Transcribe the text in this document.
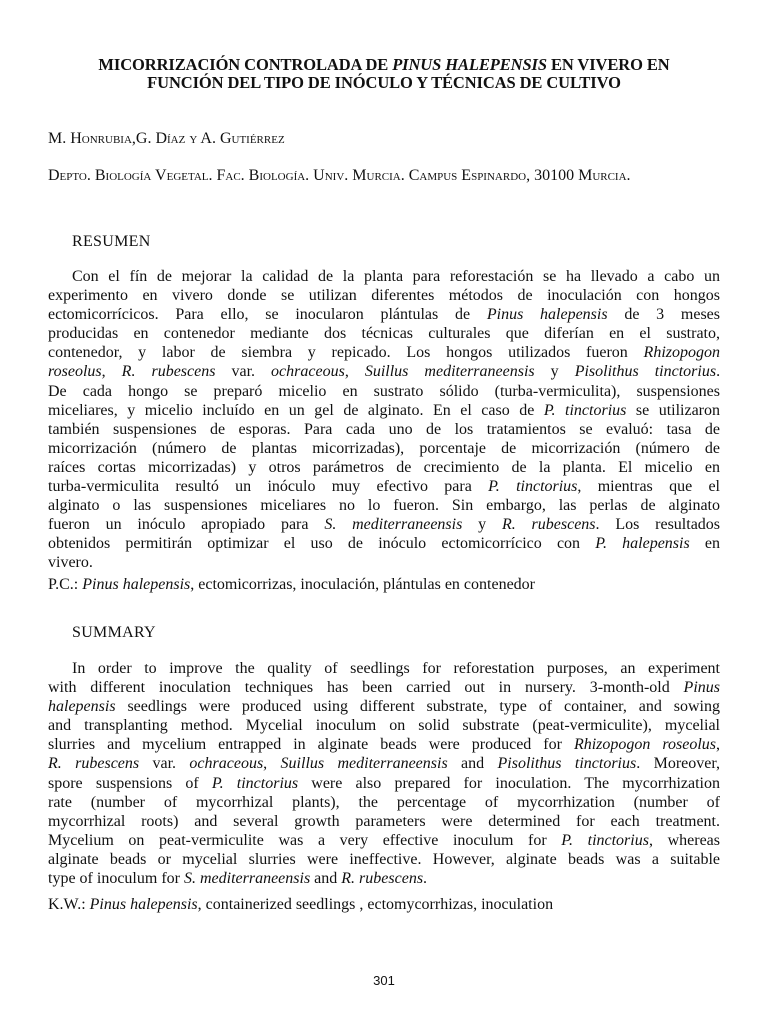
MICORRIZACIÓN CONTROLADA DE PINUS HALEPENSIS EN VIVERO EN
FUNCIÓN DEL TIPO DE INÓCULO Y TÉCNICAS DE CULTIVO
M. Honrubia,G. Díaz y A. Gutiérrez
Depto. Biología Vegetal. Fac. Biología. Univ. Murcia. Campus Espinardo, 30100 Murcia.
RESUMEN
Con el fín de mejorar la calidad de la planta para reforestación se ha llevado a cabo un
experimento en vivero donde se utilizan diferentes métodos de inoculación con hongos
ectomicorrícicos. Para ello, se inocularon plántulas de Pinus halepensis de 3 meses
producidas en contenedor mediante dos técnicas culturales que diferían en el sustrato,
contenedor, y labor de siembra y repicado. Los hongos utilizados fueron Rhizopogon
roseolus, R. rubescens var. ochraceous, Suillus mediterraneensis y Pisolithus tinctorius.
De cada hongo se preparó micelio en sustrato sólido (turba-vermiculita), suspensiones
miceliares, y micelio incluído en un gel de alginato. En el caso de P. tinctorius se utilizaron
también suspensiones de esporas. Para cada uno de los tratamientos se evaluó: tasa de
micorrización (número de plantas micorrizadas), porcentaje de micorrización (número de
raíces cortas micorrizadas) y otros parámetros de crecimiento de la planta. El micelio en
turba-vermiculita resultó un inóculo muy efectivo para P. tinctorius, mientras que el
alginato o las suspensiones miceliares no lo fueron. Sin embargo, las perlas de alginato
fueron un inóculo apropiado para S. mediterraneensis y R. rubescens. Los resultados
obtenidos permitirán optimizar el uso de inóculo ectomicorrícico con P. halepensis en
vivero.
P.C.: Pinus halepensis, ectomicorrizas, inoculación, plántulas en contenedor
SUMMARY
In order to improve the quality of seedlings for reforestation purposes, an experiment
with different inoculation techniques has been carried out in nursery. 3-month-old Pinus
halepensis seedlings were produced using different substrate, type of container, and sowing
and transplanting method. Mycelial inoculum on solid substrate (peat-vermiculite), mycelial
slurries and mycelium entrapped in alginate beads were produced for Rhizopogon roseolus,
R. rubescens var. ochraceous, Suillus mediterraneensis and Pisolithus tinctorius. Moreover,
spore suspensions of P. tinctorius were also prepared for inoculation. The mycorrhization
rate (number of mycorrhizal plants), the percentage of mycorrhization (number of
mycorrhizal roots) and several growth parameters were determined for each treatment.
Mycelium on peat-vermiculite was a very effective inoculum for P. tinctorius, whereas
alginate beads or mycelial slurries were ineffective. However, alginate beads was a suitable
type of inoculum for S. mediterraneensis and R. rubescens.
K.W.: Pinus halepensis, containerized seedlings , ectomycorrhizas, inoculation
301
